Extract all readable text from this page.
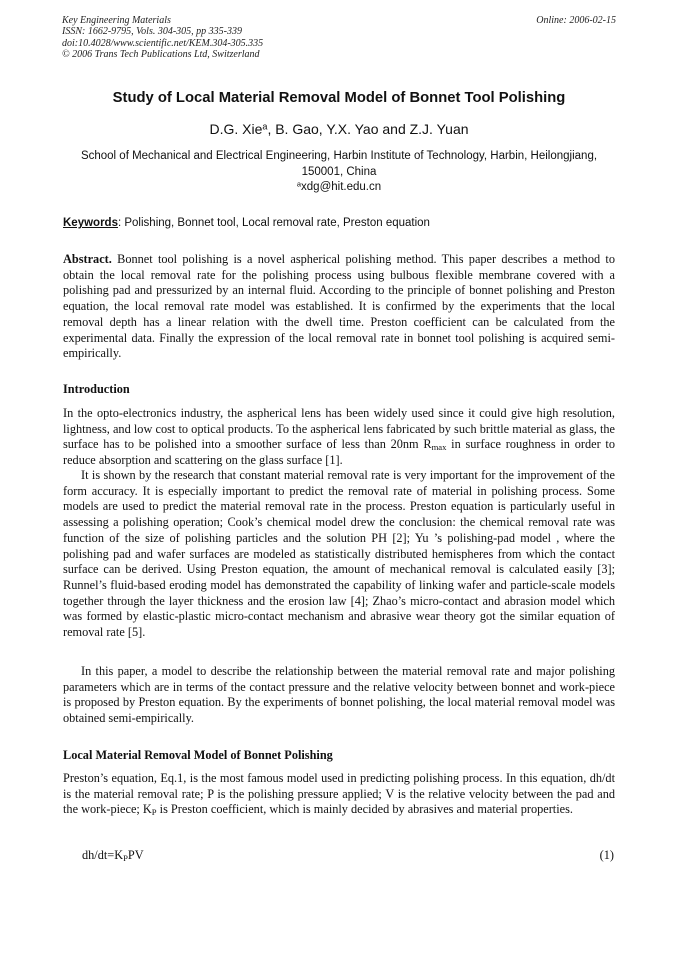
Key Engineering Materials
ISSN: 1662-9795, Vols. 304-305, pp 335-339
doi:10.4028/www.scientific.net/KEM.304-305.335
© 2006 Trans Tech Publications Ltd, Switzerland
Online: 2006-02-15
Study of Local Material Removal Model of Bonnet Tool Polishing
D.G. Xie$^a$, B. Gao, Y.X. Yao and Z.J. Yuan
School of Mechanical and Electrical Engineering, Harbin Institute of Technology, Harbin, Heilongjiang, 150001, China
$^a$xdg@hit.edu.cn
Keywords: Polishing, Bonnet tool, Local removal rate, Preston equation

Abstract. Bonnet tool polishing is a novel aspherical polishing method. This paper describes a method to obtain the local removal rate for the polishing process using bulbous flexible membrane covered with a polishing pad and pressurized by an internal fluid. According to the principle of bonnet polishing and Preston equation, the local removal rate model was established. It is confirmed by the experiments that the local removal depth has a linear relation with the dwell time. Preston coefficient can be calculated from the experimental data. Finally the expression of the local removal rate in bonnet tool polishing is acquired semi-empirically.

Introduction

In the opto-electronics industry, the aspherical lens has been widely used since it could give high resolution, lightness, and low cost to optical products. To the aspherical lens fabricated by such brittle material as glass, the surface has to be polished into a smoother surface of less than 20nm $R_{max}$ in surface roughness in order to reduce absorption and scattering on the glass surface [1].

It is shown by the research that constant material removal rate is very important for the improvement of the form accuracy. It is especially important to predict the removal rate of material in polishing process. Some models are used to predict the material removal rate in the process. Preston equation is particularly useful in assessing a polishing operation; Cook’s chemical model drew the conclusion: the chemical removal rate was function of the size of polishing particles and the solution PH [2]; Yu ’s polishing-pad model , where the polishing pad and wafer surfaces are modeled as statistically distributed hemispheres from which the contact surface can be derived. Using Preston equation, the amount of mechanical removal is calculated easily [3]; Runnel’s fluid-based eroding model has demonstrated the capability of linking wafer and particle-scale models together through the layer thickness and the erosion law [4]; Zhao’s micro-contact and abrasion model which was formed by elastic-plastic micro-contact mechanism and abrasive wear theory got the similar equation of removal rate [5].

In this paper, a model to describe the relationship between the material removal rate and major polishing parameters which are in terms of the contact pressure and the relative velocity between bonnet and work-piece is proposed by Preston equation. By the experiments of bonnet polishing, the local material removal model was obtained semi-empirically.

Local Material Removal Model of Bonnet Polishing

Preston’s equation, Eq.1, is the most famous model used in predicting polishing process. In this equation, dh/dt is the material removal rate; P is the polishing pressure applied; V is the relative velocity between the pad and the work-piece; $K_P$ is Preston coefficient, which is mainly decided by abrasives and material properties.

$dh/dt=K_PPV$	(1)
